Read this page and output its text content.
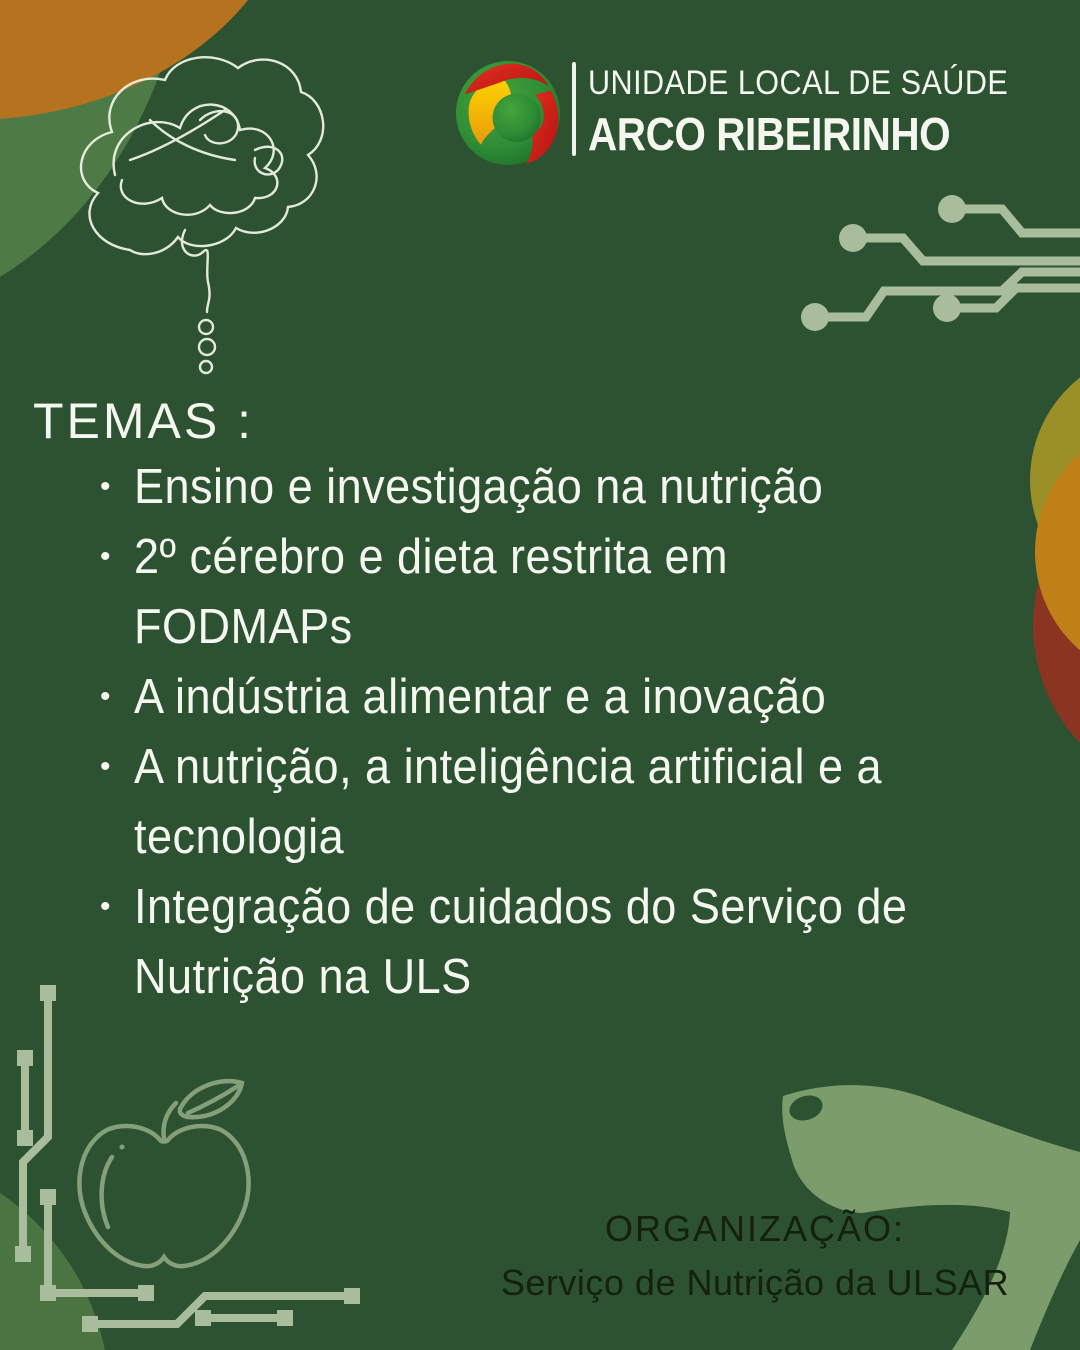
UNIDADE LOCAL DE SAÚDE
ARCO RIBEIRINHO
TEMAS :
• Ensino e investigação na nutrição
• 2º cérebro e dieta restrita em
FODMAPs
• A indústria alimentar e a inovação
• A nutrição, a inteligência artificial e a
tecnologia
• Integração de cuidados do Serviço de
Nutrição na ULS
ORGANIZAÇÃO:
Serviço de Nutrição da ULSAR
